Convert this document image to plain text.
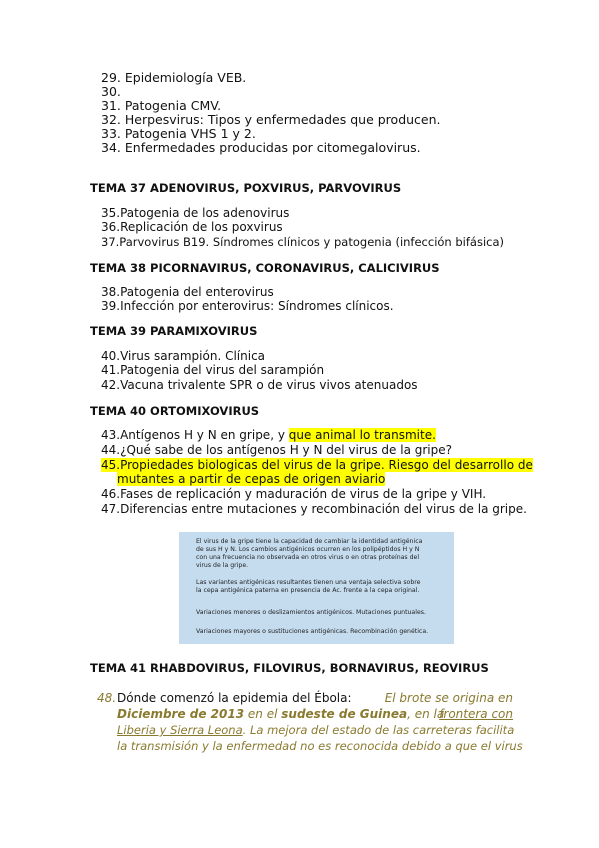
29. Epidemiología VEB.
30.
31. Patogenia CMV.
32. Herpesvirus: Tipos y enfermedades que producen.
33. Patogenia VHS 1 y 2.
34. Enfermedades producidas por citomegalovirus.
TEMA 37 ADENOVIRUS, POXVIRUS, PARVOVIRUS
35.Patogenia de los adenovirus
36.Replicación de los poxvirus
37.Parvovirus B19. Síndromes clínicos y patogenia (infección bifásica)
TEMA 38 PICORNAVIRUS, CORONAVIRUS, CALICIVIRUS
38.Patogenia del enterovirus
39.Infección por enterovirus: Síndromes clínicos.
TEMA 39 PARAMIXOVIRUS
40.Virus sarampión. Clínica
41.Patogenia del virus del sarampión
42.Vacuna trivalente SPR o de virus vivos atenuados
TEMA 40 ORTOMIXOVIRUS
43.Antígenos H y N en gripe, y que animal lo transmite.
44.¿Qué sabe de los antígenos H y N del virus de la gripe?
45.Propiedades biologicas del virus de la gripe. Riesgo del desarrollo de
mutantes a partir de cepas de origen aviario
46.Fases de replicación y maduración de virus de la gripe y VIH.
47.Diferencias entre mutaciones y recombinación del virus de la gripe.
El virus de la gripe tiene la capacidad de cambiar la identidad antigénica
de sus H y N. Los cambios antigénicos ocurren en los polipéptidos H y N
con una frecuencia no observada en otros virus o en otras proteínas del
virus de la gripe.
Las variantes antigénicas resultantes tienen una ventaja selectiva sobre
la cepa antigénica paterna en presencia de Ac. frente a la cepa original.
Variaciones menores o deslizamientos antigénicos. Mutaciones puntuales.
Variaciones mayores o sustituciones antigénicas. Recombinación genética.
TEMA 41 RHABDOVIRUS, FILOVIRUS, BORNAVIRUS, REOVIRUS
48. Dónde comenzó la epidemia del Ébola:	El brote se origina en
Diciembre de 2013 en el sudeste de Guinea, en la
frontera con
Liberia y Sierra Leona. La mejora del estado de las carreteras facilita
la transmisión y la enfermedad no es reconocida debido a que el virus
